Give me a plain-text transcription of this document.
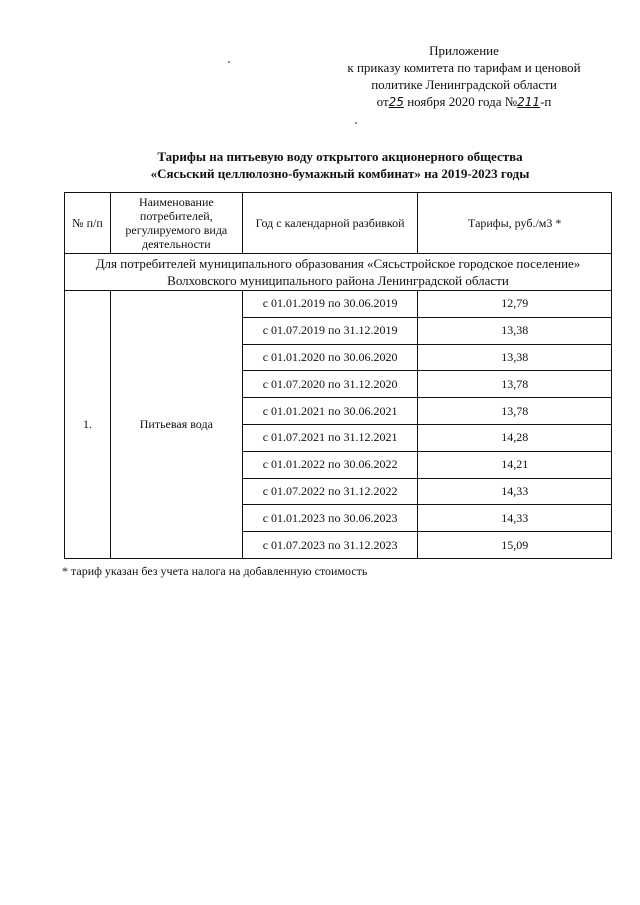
Приложение
к приказу комитета по тарифам и ценовой
политике Ленинградской области
от25 ноября 2020 года №211-п
Тарифы на питьевую воду открытого акционерного общества
«Сясьский целлюлозно-бумажный комбинат» на 2019-2023 годы
№ п/п	Наименование потребителей, регулируемого вида деятельности	Год с календарной разбивкой	Тарифы, руб./м3 *

Для потребителей муниципального образования «Сясьстройское городское поселение»
Волховского муниципального района Ленинградской области			

1.	Питьевая вода	с 01.01.2019 по 30.06.2019	12,79
		с 01.07.2019 по 31.12.2019	13,38
		с 01.01.2020 по 30.06.2020	13,38
		с 01.07.2020 по 31.12.2020	13,78
		с 01.01.2021 по 30.06.2021	13,78
		с 01.07.2021 по 31.12.2021	14,28
		с 01.01.2022 по 30.06.2022	14,21
		с 01.07.2022 по 31.12.2022	14,33
		с 01.01.2023 по 30.06.2023	14,33
		с 01.07.2023 по 31.12.2023	15,09
* тариф указан без учета налога на добавленную стоимость
